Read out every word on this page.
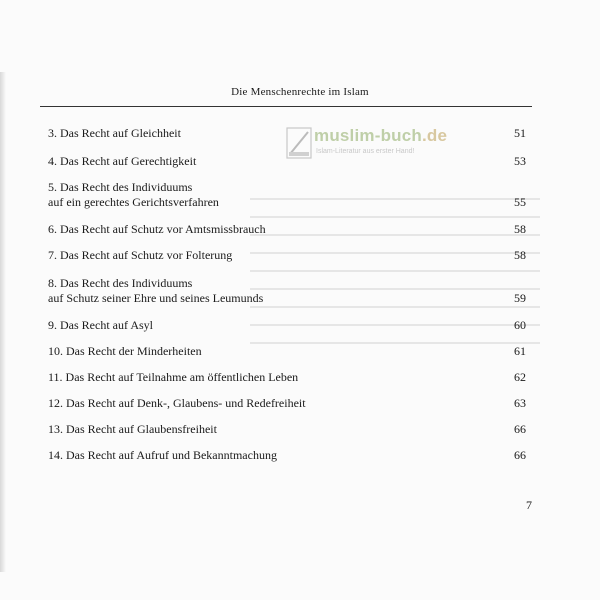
Die Menschenrechte im Islam
muslim-buch.de
Islam-Literatur aus erster Hand!
3. Das Recht auf Gleichheit	51
4. Das Recht auf Gerechtigkeit	53
5. Das Recht des Individuums
auf ein gerechtes Gerichtsverfahren	55
6. Das Recht auf Schutz vor Amtsmissbrauch	58
7. Das Recht auf Schutz vor Folterung	58
8. Das Recht des Individuums
auf Schutz seiner Ehre und seines Leumunds	59
9. Das Recht auf Asyl	60
10. Das Recht der Minderheiten	61
11. Das Recht auf Teilnahme am öffentlichen Leben	62
12. Das Recht auf Denk-, Glaubens- und Redefreiheit	63
13. Das Recht auf Glaubensfreiheit	66
14. Das Recht auf Aufruf und Bekanntmachung	66
7
